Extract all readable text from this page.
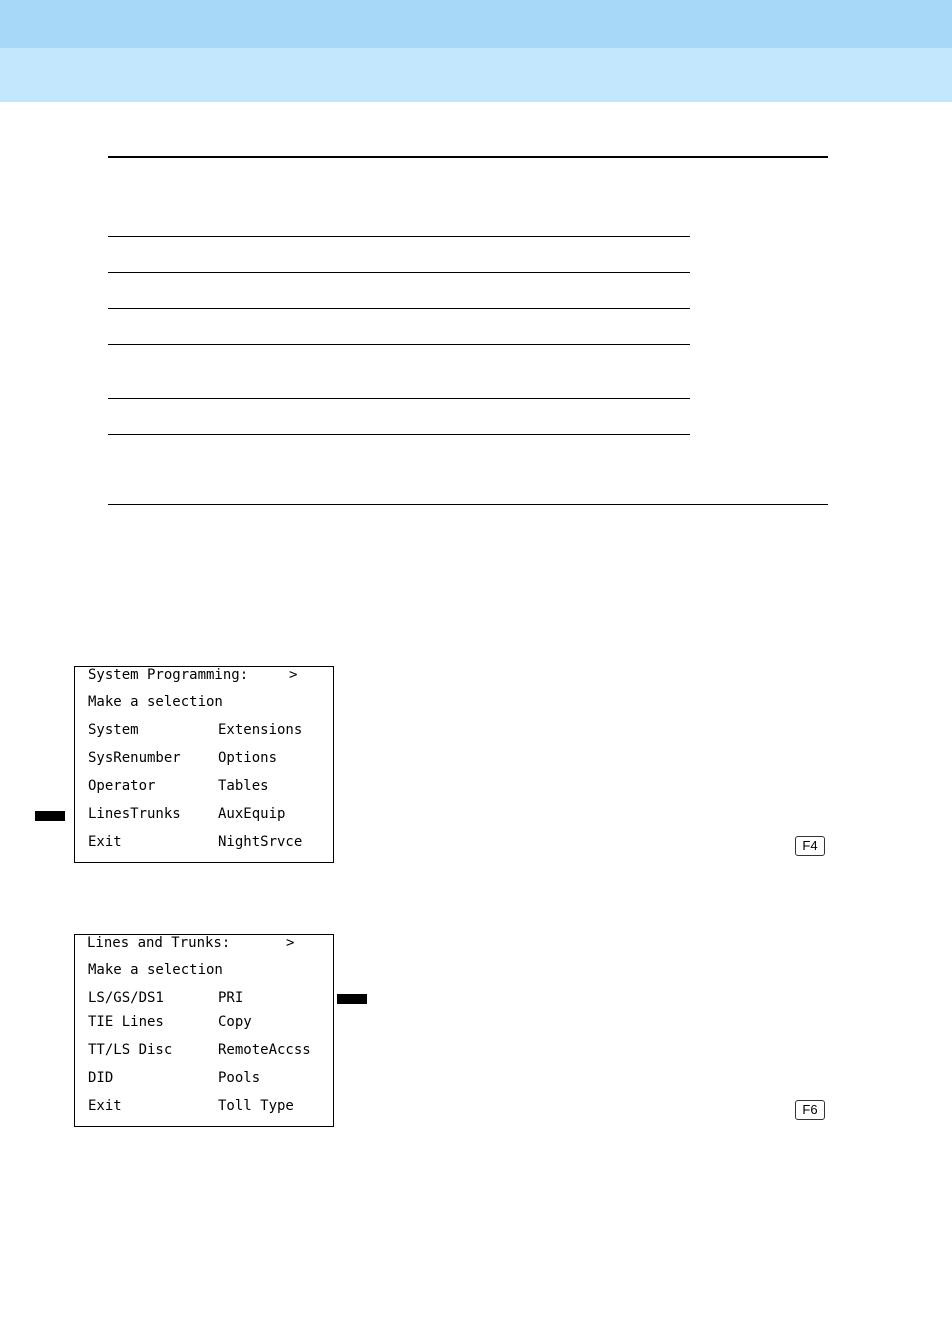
System Programming:	>
Make a selection
System	Extensions
SysRenumber	Options
Operator	Tables
LinesTrunks	AuxEquip
Exit	NightSrvce	F4
Lines and Trunks:	>
Make a selection
LS/GS/DS1	PRI
TIE Lines	Copy
TT/LS Disc	RemoteAccss
DID	Pools
Exit	Toll Type	F6
